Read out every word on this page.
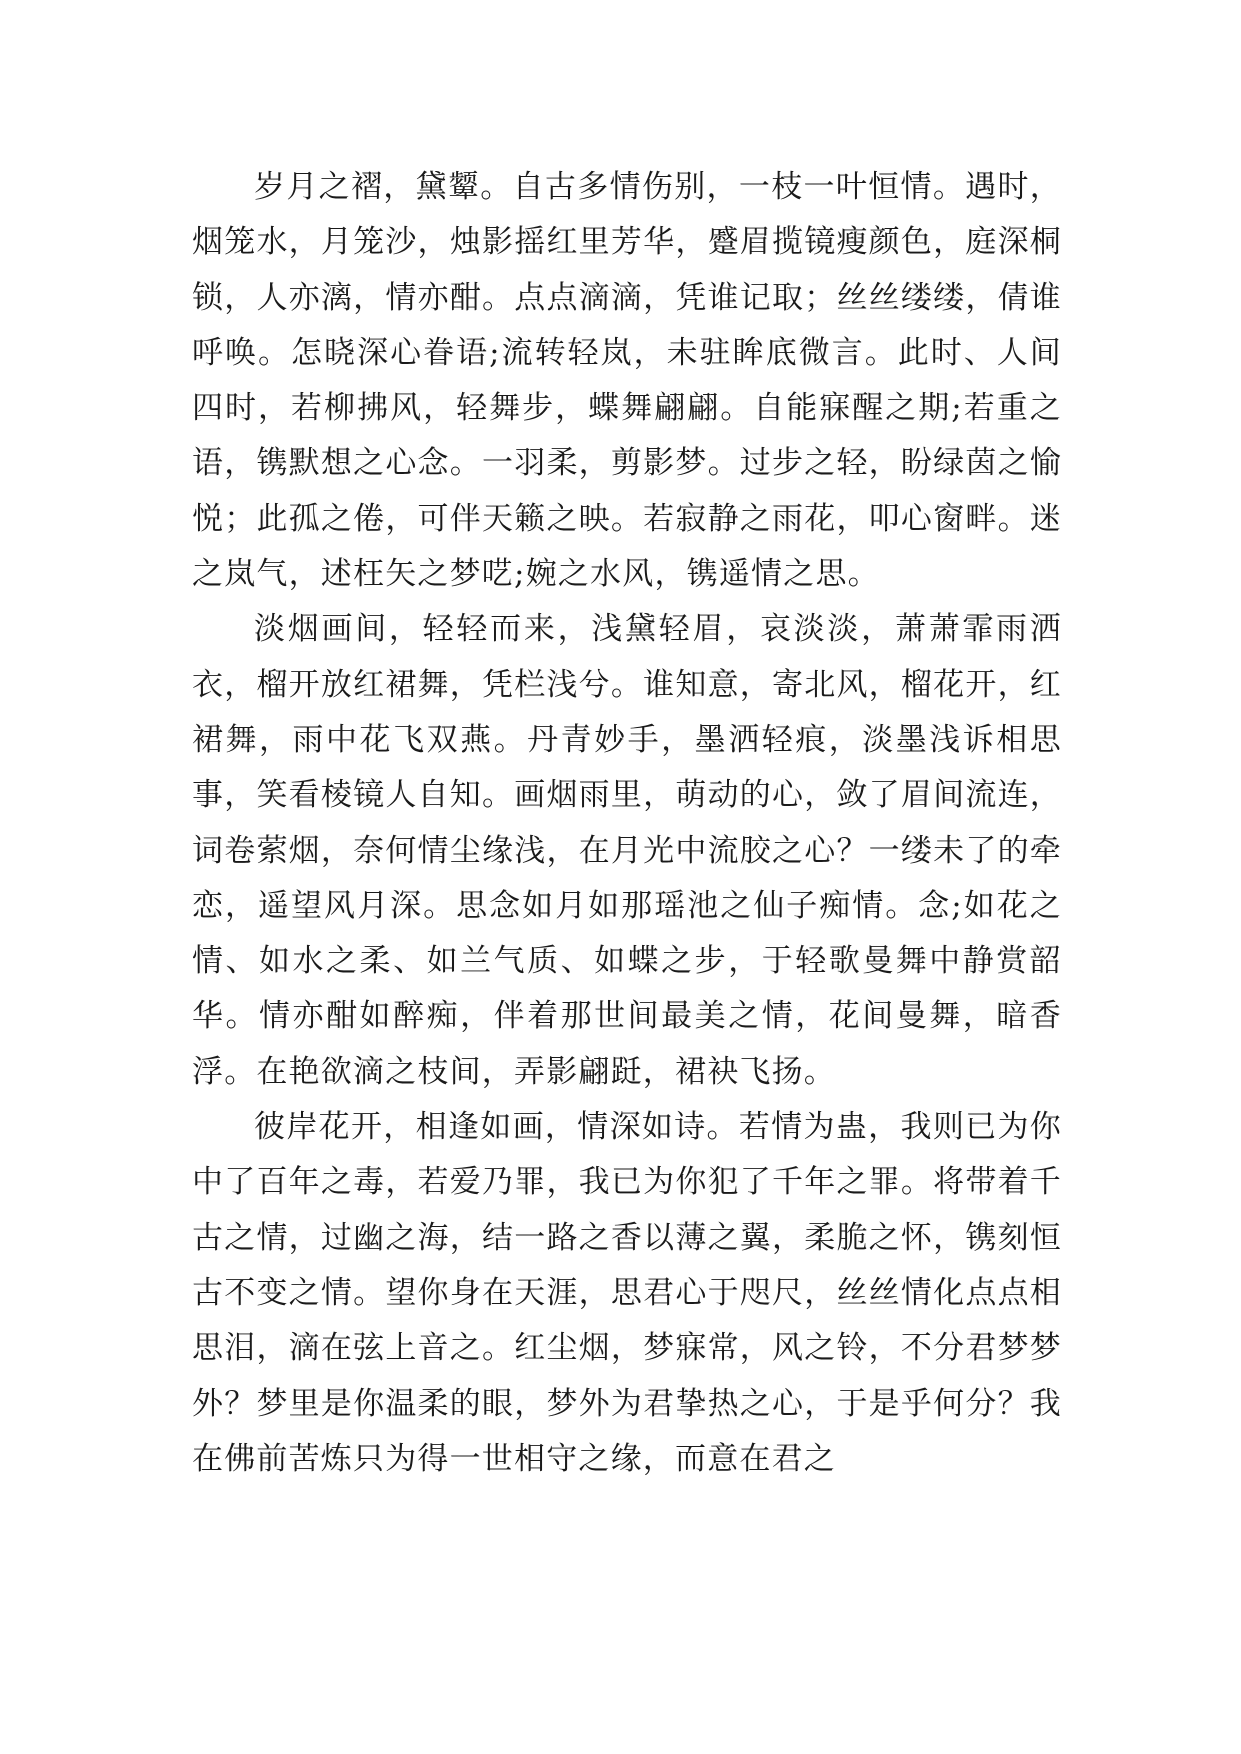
岁月之褶，黛颦。自古多情伤别，一枝一叶恒情。遇时，烟笼水，月笼沙，烛影摇红里芳华，蹙眉揽镜瘦颜色，庭深桐锁，人亦漓，情亦酣。点点滴滴，凭谁记取；丝丝缕缕，倩谁呼唤。怎晓深心眷语;流转轻岚，未驻眸底微言。此时、人间四时，若柳拂风，轻舞步，蝶舞翩翩。自能寐醒之期;若重之语，镌默想之心念。一羽柔，剪影梦。过步之轻，盼绿茵之愉悦；此孤之倦，可伴天籁之映。若寂静之雨花，叩心窗畔。迷之岚气，述枉矢之梦呓;婉之水风，镌遥情之思。

淡烟画间，轻轻而来，浅黛轻眉，哀淡淡，萧萧霏雨洒衣，榴开放红裙舞，凭栏浅兮。谁知意，寄北风，榴花开，红裙舞，雨中花飞双燕。丹青妙手，墨洒轻痕，淡墨浅诉相思事，笑看棱镜人自知。画烟雨里，萌动的心，敛了眉间流连，词卷萦烟，奈何情尘缘浅，在月光中流胶之心？一缕未了的牵恋，遥望风月深。思念如月如那瑶池之仙子痴情。念;如花之情、如水之柔、如兰气质、如蝶之步，于轻歌曼舞中静赏韶华。情亦酣如醉痴，伴着那世间最美之情，花间曼舞，暗香浮。在艳欲滴之枝间，弄影翩跹，裙袂飞扬。

彼岸花开，相逢如画，情深如诗。若情为蛊，我则已为你中了百年之毒，若爱乃罪，我已为你犯了千年之罪。将带着千古之情，过幽之海，结一路之香以薄之翼，柔脆之怀，镌刻恒古不变之情。望你身在天涯，思君心于咫尺，丝丝情化点点相思泪，滴在弦上音之。红尘烟，梦寐常，风之铃，不分君梦梦外？梦里是你温柔的眼，梦外为君挚热之心，于是乎何分？我在佛前苦炼只为得一世相守之缘，而意在君之
